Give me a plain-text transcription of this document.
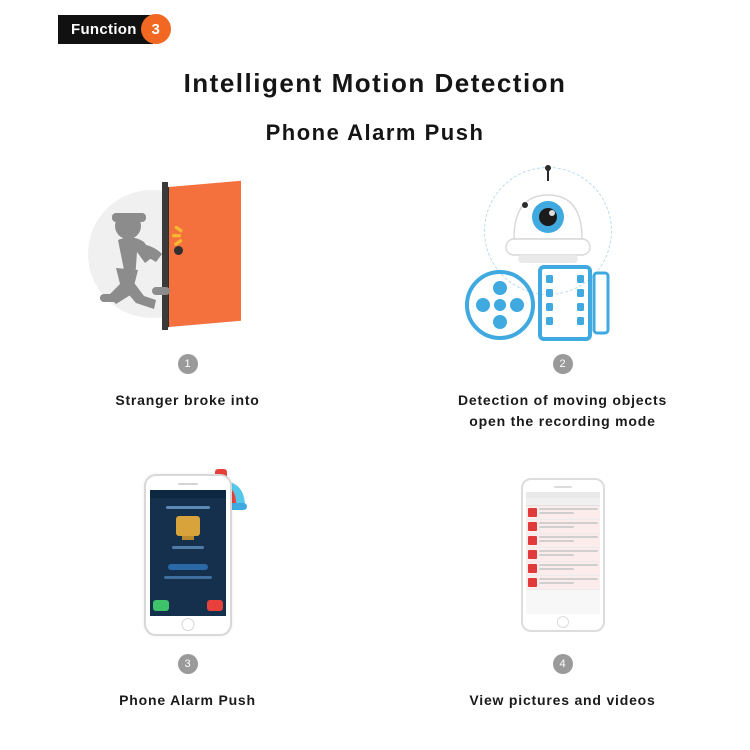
Function 3
Intelligent Motion Detection
Phone Alarm Push
1
Stranger broke into
2
Detection of moving objects
open the recording mode
3
Phone Alarm Push
4
View pictures and videos
